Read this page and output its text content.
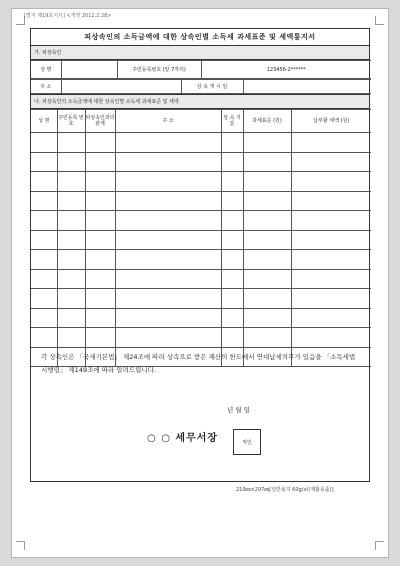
[별지 제19호서식] <개정 2012.2.28>
피상속인의 소득금액에 대한 상속인별 소득세 과세표준 및 세액통지서
가. 피상속인
성 명		주민등록번호 (앞 7자리)	123456-2******
주 소		상 속 개 시 일	
나. 피상속인의 소득금액에 대한 상속인별 소득세 과세표준 및 세액
성 명	주민등록 번 호	피상속인과의 관계	주 소	상 속 지 분	과세표준 (원)	납부할 세액 (원)

각 상속인은 「국세기본법」 제24조에 따라 상속으로 받은 재산의 한도에서 연대납세의무가 있음을 「소득세법 시행령」 제149조에 따라 알려드립니다.
년 월 일
○ ○ 세무서장	직인
210㎜×297㎜[일반용지 60g/㎡(재활용품)]
